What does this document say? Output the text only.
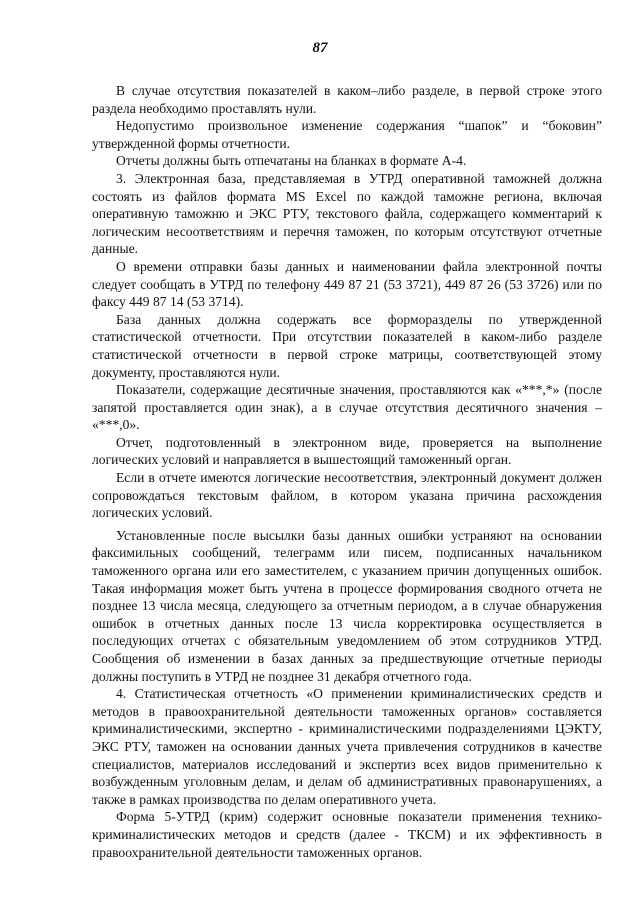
87

В случае отсутствия показателей в каком–либо разделе, в первой строке этого раздела необходимо проставлять нули.

Недопустимо произвольное изменение содержания “шапок” и “боковин” утвержденной формы отчетности.

Отчеты должны быть отпечатаны на бланках в формате А-4.

3. Электронная база, представляемая в УТРД оперативной таможней должна состоять из файлов формата MS Excel по каждой таможне региона, включая оперативную таможню и ЭКС РТУ, текстового файла, содержащего комментарий к логическим несоответствиям и перечня таможен, по которым отсутствуют отчетные данные.

О времени отправки базы данных и наименовании файла электронной почты следует сообщать в УТРД по телефону 449 87 21 (53 3721), 449 87 26 (53 3726) или по факсу 449 87 14 (53 3714).

База данных должна содержать все формоpазделы по утвержденной статистической отчетности. При отсутствии показателей в каком-либо разделе статистической отчетности в первой строке матрицы, соответствующей этому документу, проставляются нули.

Показатели, содержащие десятичные значения, проставляются как «***,*» (после запятой проставляется один знак), а в случае отсутствия десятичного значения – «***,0».

Отчет, подготовленный в электронном виде, проверяется на выполнение логических условий и направляется в вышестоящий таможенный орган.

Если в отчете имеются логические несоответствия, электронный документ должен сопровождаться текстовым файлом, в котором указана причина расхождения логических условий.

Установленные после высылки базы данных ошибки устраняют на основании факсимильных сообщений, телеграмм или писем, подписанных начальником таможенного органа или его заместителем, с указанием причин допущенных ошибок. Такая информация может быть учтена в процессе формирования сводного отчета не позднее 13 числа месяца, следующего за отчетным периодом, а в случае обнаружения ошибок в отчетных данных после 13 числа корректировка осуществляется в последующих отчетах с обязательным уведомлением об этом сотрудников УТРД. Сообщения об изменении в базах данных за предшествующие отчетные периоды должны поступить в УТРД не позднее 31 декабря отчетного года.

4. Статистическая отчетность «О применении криминалистических средств и методов в правоохранительной деятельности таможенных органов» составляется криминалистическими, экспертно - криминалистическими подразделениями ЦЭКТУ, ЭКС РТУ, таможен на основании данных учета привлечения сотрудников в качестве специалистов, материалов исследований и экспертиз всех видов применительно к возбужденным уголовным делам, и делам об административных правонарушениях, а также в рамках производства по делам оперативного учета.

Форма 5-УТРД (крим) содержит основные показатели применения технико-криминалистических методов и средств (далее - ТКСМ) и их эффективность в правоохранительной деятельности таможенных органов.
